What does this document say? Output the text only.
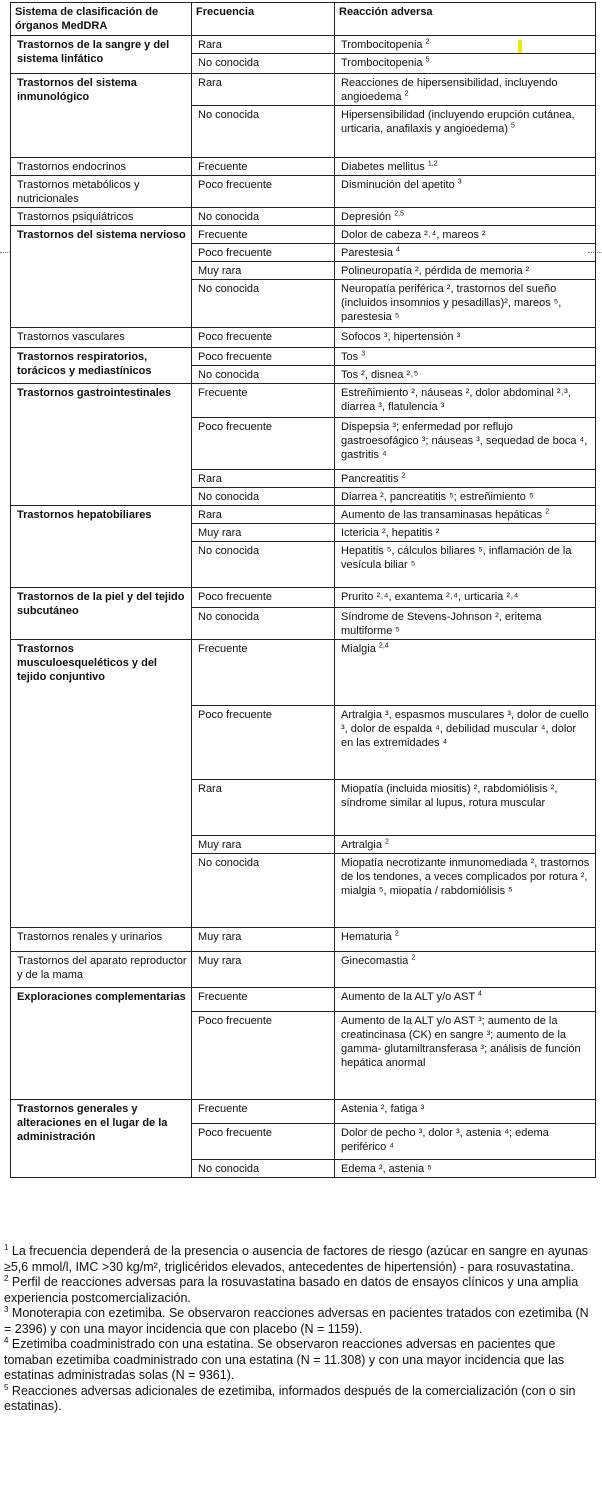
Sistema de clasificación de órganos MedDRA	Frecuencia	Reacción adversa
Trastornos de la sangre y del sistema linfático	Rara	Trombocitopenia $^2$
	No conocida	Trombocitopenia $^5$
Trastornos del sistema inmunológico	Rara	Reacciones de hipersensibilidad, incluyendo angioedema $^2$
	No conocida	Hipersensibilidad (incluyendo erupción cutánea, urticaria, anafilaxis y angioedema) $^5$
Trastornos endocrinos	Frecuente	Diabetes mellitus $^{1,2}$
Trastornos metabólicos y nutricionales	Poco frecuente	Disminución del apetito $^3$
Trastornos psiquiátricos	No conocida	Depresión $^{2,5}$
Trastornos del sistema nervioso	Frecuente	Dolor de cabeza ²˒⁴, mareos ²
	Poco frecuente	Parestesia $^4$
	Muy rara	Polineuropatía ², pérdida de memoria ²
	No conocida	Neuropatía periférica ², trastornos del sueño (incluidos insomnios y pesadillas)², mareos ⁵, parestesia ⁵
Trastornos vasculares	Poco frecuente	Sofocos ³, hipertensión ³
Trastornos respiratorios, torácicos y mediastínicos	Poco frecuente	Tos $^3$
	No conocida	Tos ², disnea ²˒⁵
Trastornos gastrointestinales	Frecuente	Estreñimiento ², náuseas ², dolor abdominal ²˒³, diarrea ³, flatulencia ³
	Poco frecuente	Dispepsia ³; enfermedad por reflujo gastroesofágico ³; náuseas ³, sequedad de boca ⁴, gastritis ⁴
	Rara	Pancreatitis $^2$
	No conocida	Diarrea ², pancreatitis ⁵; estreñimiento ⁵
Trastornos hepatobiliares	Rara	Aumento de las transaminasas hepáticas $^2$
	Muy rara	Ictericia ², hepatitis ²
	No conocida	Hepatitis ⁵, cálculos biliares ⁵, inflamación de la vesícula biliar ⁵
Trastornos de la piel y del tejido subcutáneo	Poco frecuente	Prurito ²˒⁴, exantema ²˒⁴, urticaria ²˒⁴
	No conocida	Síndrome de Stevens-Johnson ², eritema multiforme ⁵
Trastornos musculoesqueléticos y del tejido conjuntivo	Frecuente	Mialgia $^{2,4}$
	Poco frecuente	Artralgia ³, espasmos musculares ³, dolor de cuello ³, dolor de espalda ⁴, debilidad muscular ⁴, dolor en las extremidades ⁴
	Rara	Miopatía (incluida miositis) ², rabdomiólisis ², síndrome similar al lupus, rotura muscular
	Muy rara	Artralgia $^2$
	No conocida	Miopatía necrotizante inmunomediada ², trastornos de los tendones, a veces complicados por rotura ², mialgia ⁵, miopatía / rabdomiólisis ⁵
Trastornos renales y urinarios	Muy rara	Hematuria $^2$
Trastornos del aparato reproductor y de la mama	Muy rara	Ginecomastia $^2$
Exploraciones complementarias	Frecuente	Aumento de la ALT y/o AST $^4$
	Poco frecuente	Aumento de la ALT y/o AST ³; aumento de la creatincinasa (CK) en sangre ³; aumento de la gamma- glutamiltransferasa ³; análisis de función hepática anormal
Trastornos generales y alteraciones en el lugar de la administración	Frecuente	Astenia ², fatiga ³
	Poco frecuente	Dolor de pecho ³, dolor ³, astenia ⁴; edema periférico ⁴
	No conocida	Edema ², astenia ⁵

$^1$ La frecuencia dependerá de la presencia o ausencia de factores de riesgo (azúcar en sangre en ayunas ≥5,6 mmol/l, IMC >30 kg/m², triglicéridos elevados, antecedentes de hipertensión) - para rosuvastatina.

$^2$ Perfil de reacciones adversas para la rosuvastatina basado en datos de ensayos clínicos y una amplia experiencia postcomercialización.

$^3$ Monoterapia con ezetimiba. Se observaron reacciones adversas en pacientes tratados con ezetimiba (N = 2396) y con una mayor incidencia que con placebo (N = 1159).

$^4$ Ezetimiba coadministrado con una estatina. Se observaron reacciones adversas en pacientes que tomaban ezetimiba coadministrado con una estatina (N = 11.308) y con una mayor incidencia que las estatinas administradas solas (N = 9361).

$^5$ Reacciones adversas adicionales de ezetimiba, informados después de la comercialización (con o sin estatinas).
